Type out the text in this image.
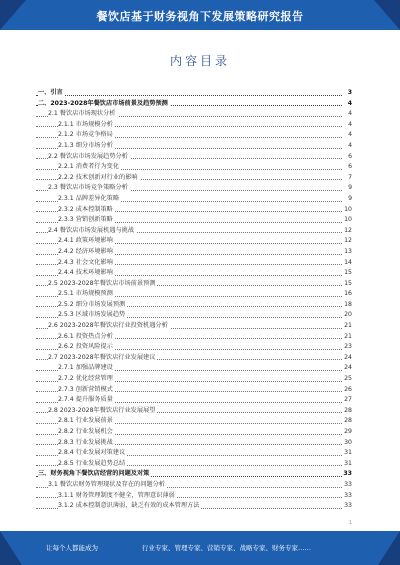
餐饮店基于财务视角下发展策略研究报告
内容目录
一、引言	3
二、2023-2028年餐饮店市场前景及趋势预测	4
2.1 餐饮店市场现状分析	4
2.1.1 市场规模分析	4
2.1.2 市场竞争格局	4
2.1.3 细分市场分析	4
2.2 餐饮店市场发展趋势分析	6
2.2.1 消费者行为变化	6
2.2.2 技术创新对行业的影响	7
2.3 餐饮店市场竞争策略分析	9
2.3.1 品牌差异化策略	9
2.3.2 成本控制策略	10
2.3.3 营销创新策略	10
2.4 餐饮店市场发展机遇与挑战	12
2.4.1 政策环境影响	12
2.4.2 经济环境影响	13
2.4.3 社会文化影响	14
2.4.4 技术环境影响	15
2.5 2023-2028年餐饮店市场前景预测	15
2.5.1 市场规模预测	16
2.5.2 细分市场发展预测	18
2.5.3 区域市场发展趋势	20
2.6 2023-2028年餐饮店行业投资机遇分析	21
2.6.1 投资热点分析	21
2.6.2 投资风险提示	23
2.7 2023-2028年餐饮店行业发展建议	24
2.7.1 加强品牌建设	24
2.7.2 优化经营管理	25
2.7.3 创新营销模式	26
2.7.4 提升服务质量	27
2.8 2023-2028年餐饮店行业发展展望	28
2.8.1 行业发展前景	28
2.8.2 行业发展机会	29
2.8.3 行业发展挑战	30
2.8.4 行业发展对策建议	31
2.8.5 行业发展趋势总结	31
三、财务视角下餐饮店经营的问题及对策	33
3.1 餐饮店财务管理现状及存在的问题分析	33
3.1.1 财务管理制度不健全，管理意识薄弱	33
3.1.2 成本控制意识薄弱，缺乏有效的成本管理方法	33
1
让每个人都能成为	行业专家、管理专家、营销专家、战略专家、财务专家……
